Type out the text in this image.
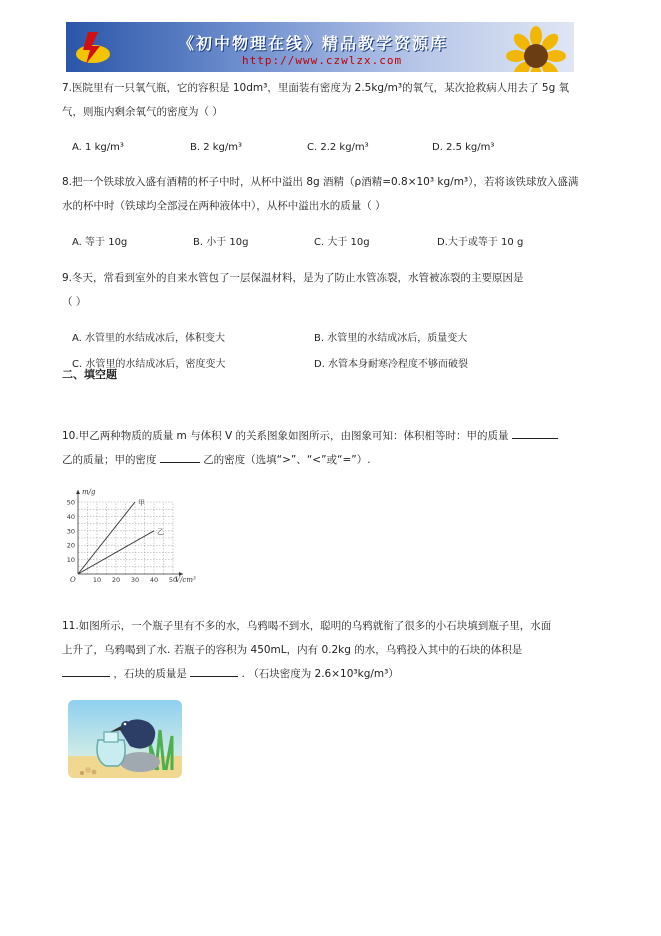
《初中物理在线》精品教学资源库
http://www.czwlzx.com
7.医院里有一只氧气瓶，它的容积是 10dm³，里面装有密度为 2.5kg/m³的氧气，某次抢救病人用去了 5g 氧
气，则瓶内剩余氧气的密度为（ ）
A. 1 kg/m³	B. 2 kg/m³	C. 2.2 kg/m³	D. 2.5 kg/m³
8.把一个铁球放入盛有酒精的杯子中时，从杯中溢出 8g 酒精（ρ酒精=0.8×10³ kg/m³），若将该铁球放入盛满
水的杯中时（铁球均全部浸在两种液体中），从杯中溢出水的质量（ ）
A. 等于 10g	B. 小于 10g	C. 大于 10g	D.大于或等于 10 g
9.冬天，常看到室外的自来水管包了一层保温材料，是为了防止水管冻裂，水管被冻裂的主要原因是
（ ）
A. 水管里的水结成冰后，体积变大	B. 水管里的水结成冰后，质量变大
C. 水管里的水结成冰后，密度变大	D. 水管本身耐寒冷程度不够而破裂
二、填空题
10.甲乙两种物质的质量 m 与体积 V 的关系图象如图所示，由图象可知：体积相等时：甲的质量
乙的质量；甲的密度	乙的密度（选填“>”、“<”或“=”）.
m/g
V/cm³
O	10 20 30 40 50
10
20
30
40
50	甲
乙
11.如图所示，一个瓶子里有不多的水，乌鸦喝不到水，聪明的乌鸦就衔了很多的小石块填到瓶子里，水面
上升了，乌鸦喝到了水. 若瓶子的容积为 450mL，内有 0.2kg 的水，乌鸦投入其中的石块的体积是
，石块的质量是	. （石块密度为 2.6×10³kg/m³）
